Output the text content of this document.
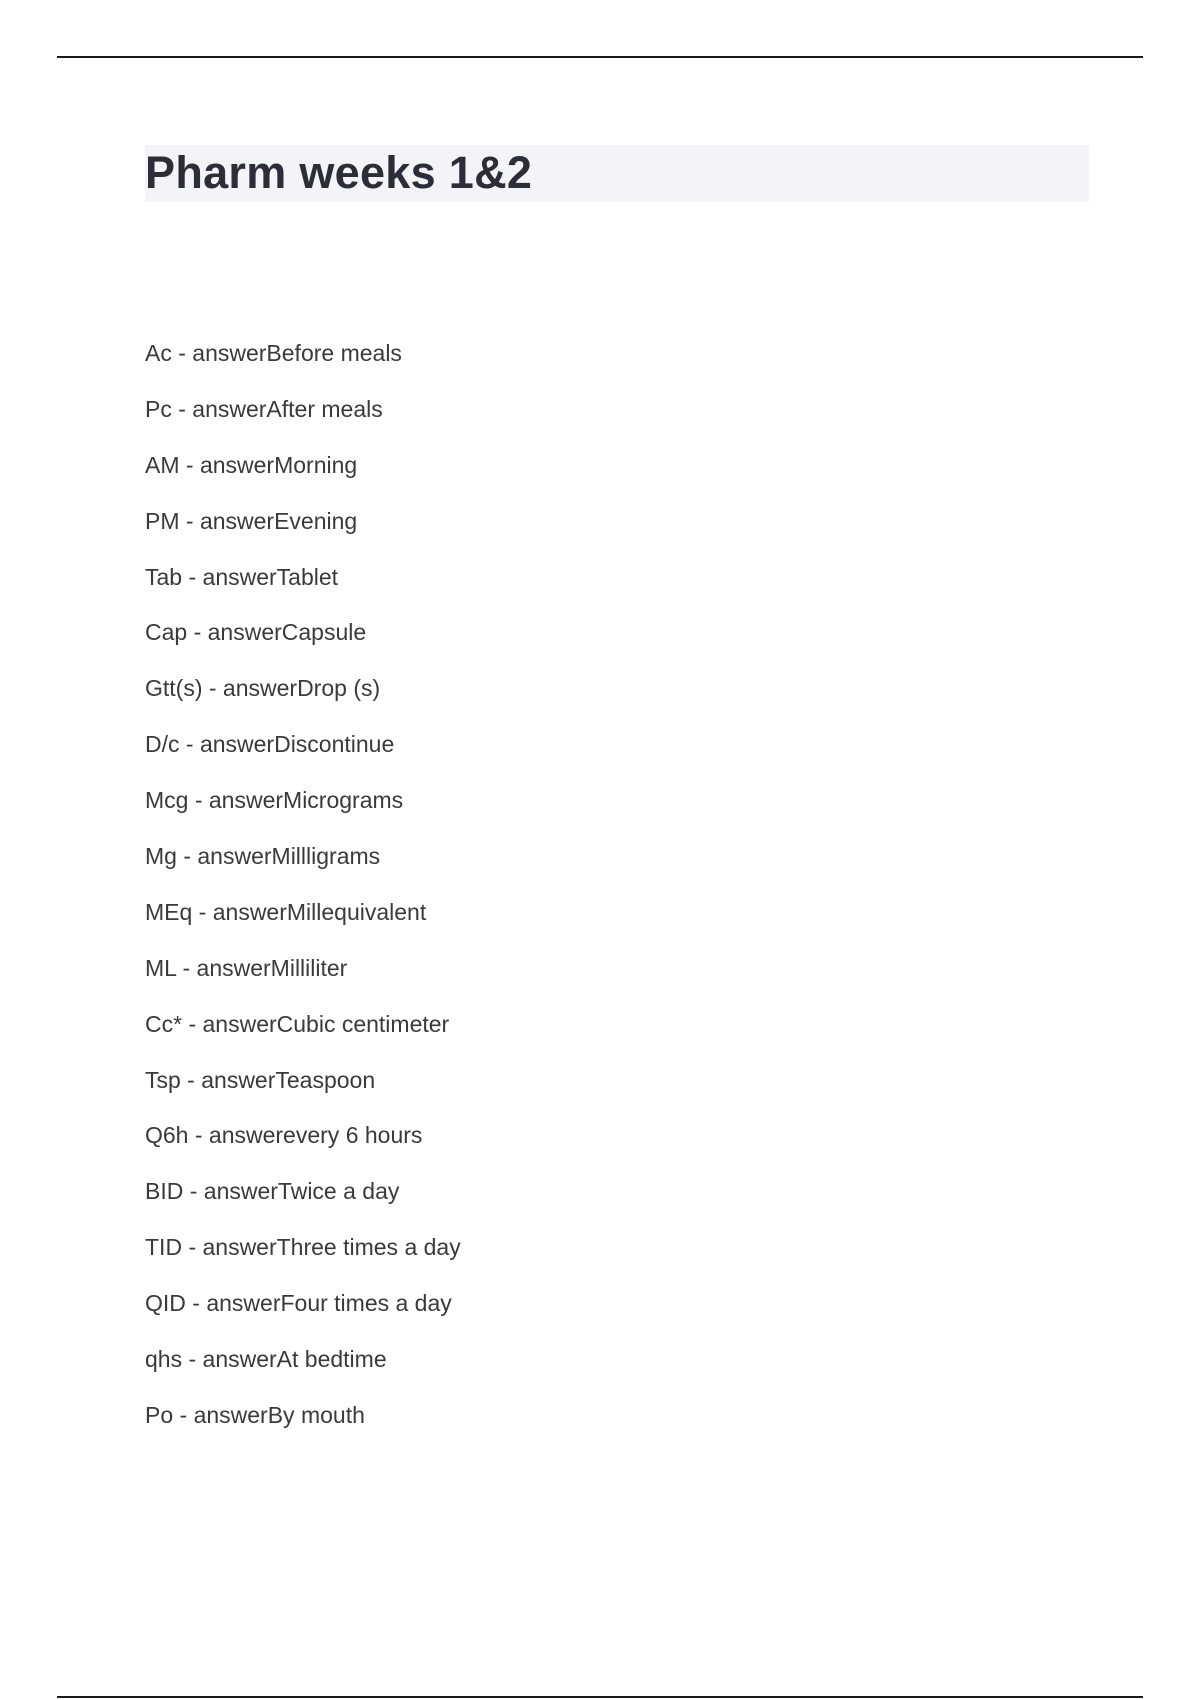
Pharm weeks 1&2
Ac - answerBefore meals
Pc - answerAfter meals
AM - answerMorning
PM - answerEvening
Tab - answerTablet
Cap - answerCapsule
Gtt(s) - answerDrop (s)
D/c - answerDiscontinue
Mcg - answerMicrograms
Mg - answerMillligrams
MEq - answerMillequivalent
ML - answerMilliliter
Cc* - answerCubic centimeter
Tsp - answerTeaspoon
Q6h - answerevery 6 hours
BID - answerTwice a day
TID - answerThree times a day
QID - answerFour times a day
qhs - answerAt bedtime
Po - answerBy mouth
